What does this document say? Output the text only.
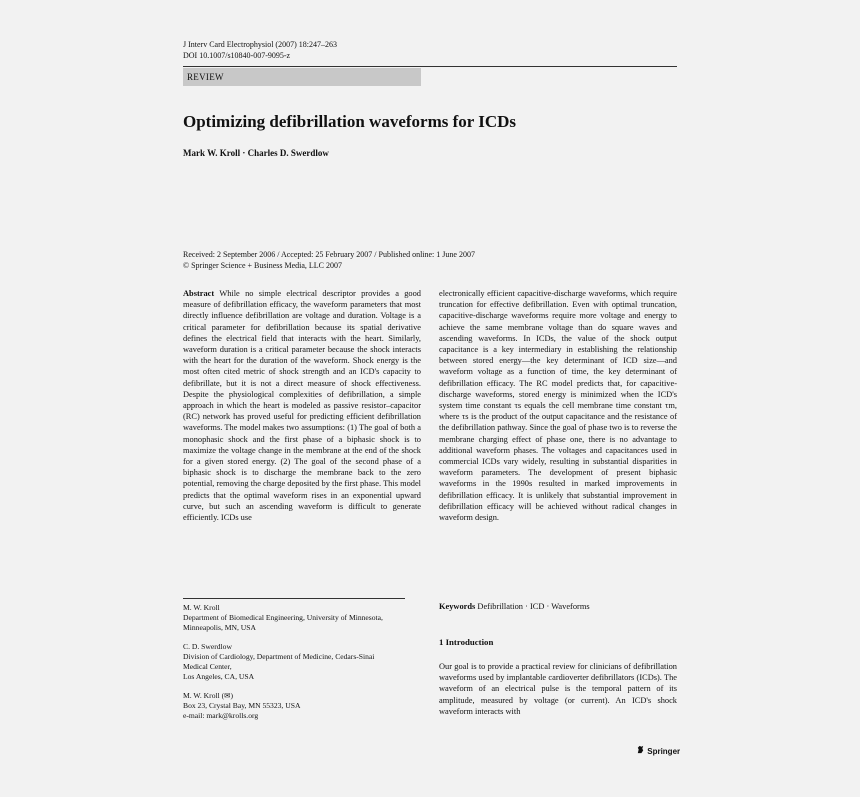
J Interv Card Electrophysiol (2007) 18:247–263
DOI 10.1007/s10840-007-9095-z
REVIEW
Optimizing defibrillation waveforms for ICDs
Mark W. Kroll · Charles D. Swerdlow
Received: 2 September 2006 / Accepted: 25 February 2007 / Published online: 1 June 2007
© Springer Science + Business Media, LLC 2007

Abstract While no simple electrical descriptor provides a good measure of defibrillation efficacy, the waveform parameters that most directly influence defibrillation are voltage and duration. Voltage is a critical parameter for defibrillation because its spatial derivative defines the electrical field that interacts with the heart. Similarly, waveform duration is a critical parameter because the shock interacts with the heart for the duration of the waveform. Shock energy is the most often cited metric of shock strength and an ICD's capacity to defibrillate, but it is not a direct measure of shock effectiveness. Despite the physiological complexities of defibrillation, a simple approach in which the heart is modeled as passive resistor–capacitor (RC) network has proved useful for predicting efficient defibrillation waveforms. The model makes two assumptions: (1) The goal of both a monophasic shock and the first phase of a biphasic shock is to maximize the voltage change in the membrane at the end of the shock for a given stored energy. (2) The goal of the second phase of a biphasic shock is to discharge the membrane back to the zero potential, removing the charge deposited by the first phase. This model predicts that the optimal waveform rises in an exponential upward curve, but such an ascending waveform is difficult to generate efficiently. ICDs use

electronically efficient capacitive-discharge waveforms, which require truncation for effective defibrillation. Even with optimal truncation, capacitive-discharge waveforms require more voltage and energy to achieve the same membrane voltage than do square waves and ascending waveforms. In ICDs, the value of the shock output capacitance is a key intermediary in establishing the relationship between stored energy—the key determinant of ICD size—and waveform voltage as a function of time, the key determinant of defibrillation efficacy. The RC model predicts that, for capacitive-discharge waveforms, stored energy is minimized when the ICD's system time constant τs equals the cell membrane time constant τm, where τs is the product of the output capacitance and the resistance of the defibrillation pathway. Since the goal of phase two is to reverse the membrane charging effect of phase one, there is no advantage to additional waveform phases. The voltages and capacitances used in commercial ICDs vary widely, resulting in substantial disparities in waveform parameters. The development of present biphasic waveforms in the 1990s resulted in marked improvements in defibrillation efficacy. It is unlikely that substantial improvement in defibrillation efficacy will be achieved without radical changes in waveform design.

M. W. Kroll
Department of Biomedical Engineering, University of Minnesota,
Minneapolis, MN, USA
C. D. Swerdlow
Division of Cardiology, Department of Medicine, Cedars-Sinai
Medical Center,
Los Angeles, CA, USA
M. W. Kroll (✉)
Box 23, Crystal Bay, MN 55323, USA
e-mail: mark@krolls.org
Keywords Defibrillation · ICD · Waveforms
1 Introduction

Our goal is to provide a practical review for clinicians of defibrillation waveforms used by implantable cardioverter defibrillators (ICDs). The waveform of an electrical pulse is the temporal pattern of its amplitude, measured by voltage (or current). An ICD's shock waveform interacts with

Springer
